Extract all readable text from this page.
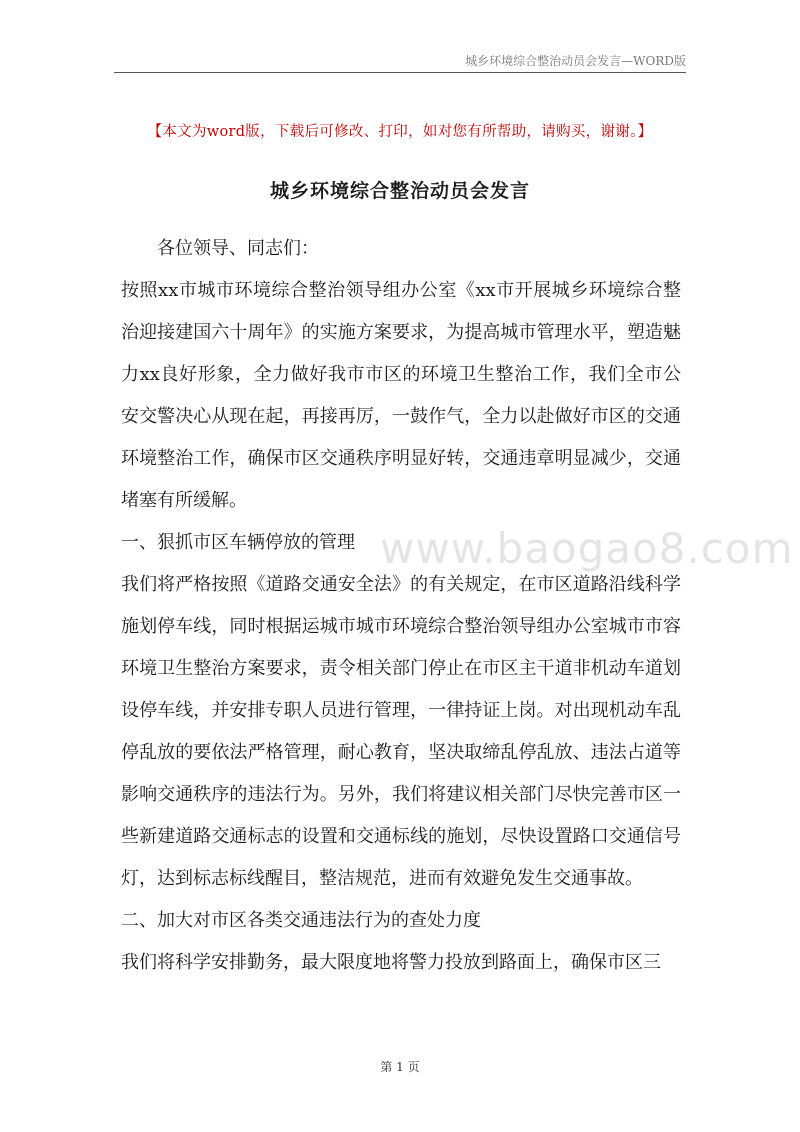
城乡环境综合整治动员会发言—WORD版
【本文为word版，下载后可修改、打印，如对您有所帮助，请购买，谢谢。】
城乡环境综合整治动员会发言

各位领导、同志们：

按照xx市城市环境综合整治领导组办公室《xx市开展城乡环境综合整治迎接建国六十周年》的实施方案要求，为提高城市管理水平，塑造魅力xx良好形象，全力做好我市市区的环境卫生整治工作，我们全市公安交警决心从现在起，再接再厉，一鼓作气，全力以赴做好市区的交通环境整治工作，确保市区交通秩序明显好转，交通违章明显减少，交通堵塞有所缓解。

一、狠抓市区车辆停放的管理

我们将严格按照《道路交通安全法》的有关规定，在市区道路沿线科学施划停车线，同时根据运城市城市环境综合整治领导组办公室城市市容环境卫生整治方案要求，责令相关部门停止在市区主干道非机动车道划设停车线，并安排专职人员进行管理，一律持证上岗。对出现机动车乱停乱放的要依法严格管理，耐心教育，坚决取缔乱停乱放、违法占道等影响交通秩序的违法行为。另外，我们将建议相关部门尽快完善市区一些新建道路交通标志的设置和交通标线的施划，尽快设置路口交通信号灯，达到标志标线醒目，整洁规范，进而有效避免发生交通事故。

二、加大对市区各类交通违法行为的查处力度

我们将科学安排勤务，最大限度地将警力投放到路面上，确保市区三

www.baogao8.com
第 1 页
